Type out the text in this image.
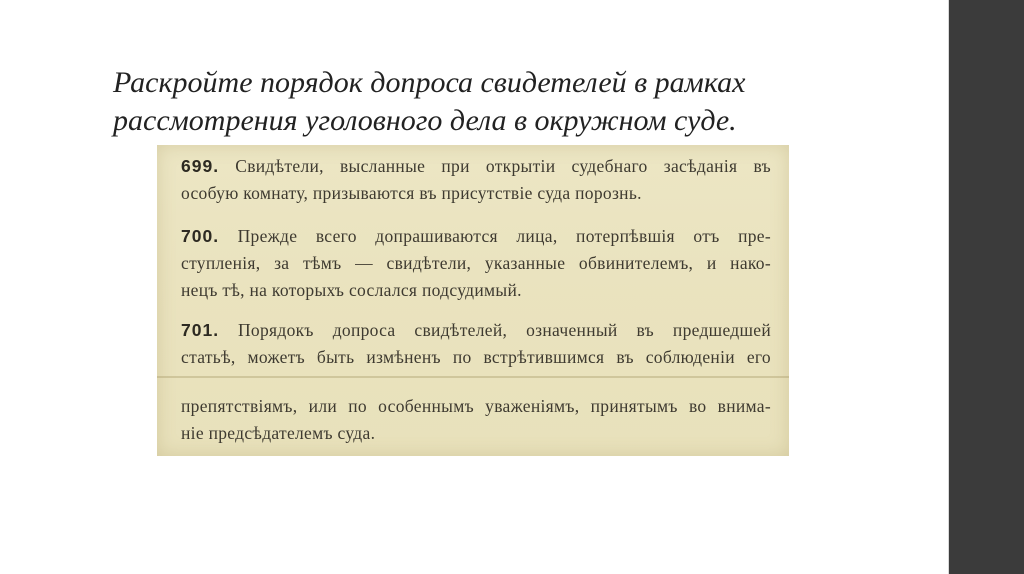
Раскройте порядок допроса свидетелей в рамках
рассмотрения уголовного дела в окружном суде.
699. Свидѣтели, высланные при открытіи судебнаго засѣданія въ
особую комнату, призываются въ присутствіе суда порознь.
700. Прежде всего допрашиваются лица, потерпѣвшія отъ пре-
ступленія, за тѣмъ — свидѣтели, указанные обвинителемъ, и нако-
нецъ тѣ, на которыхъ сослался подсудимый.
701. Порядокъ допроса свидѣтелей, означенный въ предшедшей
статьѣ, можетъ быть измѣненъ по встрѣтившимся въ соблюденіи его
препятствіямъ, или по особеннымъ уваженіямъ, принятымъ во внима-
ніе предсѣдателемъ суда.
